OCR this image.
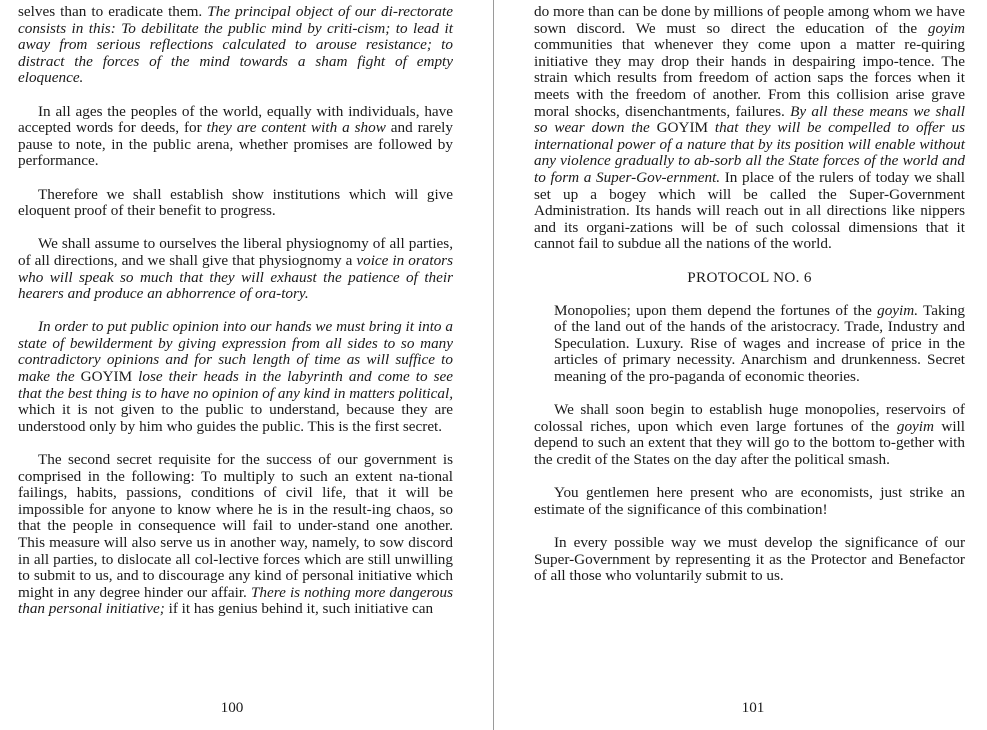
selves than to eradicate them. The principal object of our di-rectorate consists in this: To debilitate the public mind by criti-cism; to lead it away from serious reflections calculated to arouse resistance; to distract the forces of the mind towards a sham fight of empty eloquence.

In all ages the peoples of the world, equally with individuals, have accepted words for deeds, for they are content with a show and rarely pause to note, in the public arena, whether promises are followed by performance.

Therefore we shall establish show institutions which will give eloquent proof of their benefit to progress.

We shall assume to ourselves the liberal physiognomy of all parties, of all directions, and we shall give that physiognomy a voice in orators who will speak so much that they will exhaust the patience of their hearers and produce an abhorrence of ora-tory.

In order to put public opinion into our hands we must bring it into a state of bewilderment by giving expression from all sides to so many contradictory opinions and for such length of time as will suffice to make the GOYIM lose their heads in the labyrinth and come to see that the best thing is to have no opinion of any kind in matters political, which it is not given to the public to understand, because they are understood only by him who guides the public. This is the first secret.

The second secret requisite for the success of our government is comprised in the following: To multiply to such an extent na-tional failings, habits, passions, conditions of civil life, that it will be impossible for anyone to know where he is in the result-ing chaos, so that the people in consequence will fail to under-stand one another. This measure will also serve us in another way, namely, to sow discord in all parties, to dislocate all col-lective forces which are still unwilling to submit to us, and to discourage any kind of personal initiative which might in any degree hinder our affair. There is nothing more dangerous than personal initiative; if it has genius behind it, such initiative can

100

do more than can be done by millions of people among whom we have sown discord. We must so direct the education of the goyim communities that whenever they come upon a matter re-quiring initiative they may drop their hands in despairing impo-tence. The strain which results from freedom of action saps the forces when it meets with the freedom of another. From this collision arise grave moral shocks, disenchantments, failures. By all these means we shall so wear down the GOYIM that they will be compelled to offer us international power of a nature that by its position will enable without any violence gradually to ab-sorb all the State forces of the world and to form a Super-Gov-ernment. In place of the rulers of today we shall set up a bogey which will be called the Super-Government Administration. Its hands will reach out in all directions like nippers and its organi-zations will be of such colossal dimensions that it cannot fail to subdue all the nations of the world.

PROTOCOL NO. 6

Monopolies; upon them depend the fortunes of the goyim. Taking of the land out of the hands of the aristocracy. Trade, Industry and Speculation. Luxury. Rise of wages and increase of price in the articles of primary necessity. Anarchism and drunkenness. Secret meaning of the pro-paganda of economic theories.

We shall soon begin to establish huge monopolies, reservoirs of colossal riches, upon which even large fortunes of the goyim will depend to such an extent that they will go to the bottom to-gether with the credit of the States on the day after the political smash.

You gentlemen here present who are economists, just strike an estimate of the significance of this combination!

In every possible way we must develop the significance of our Super-Government by representing it as the Protector and Benefactor of all those who voluntarily submit to us.

101
